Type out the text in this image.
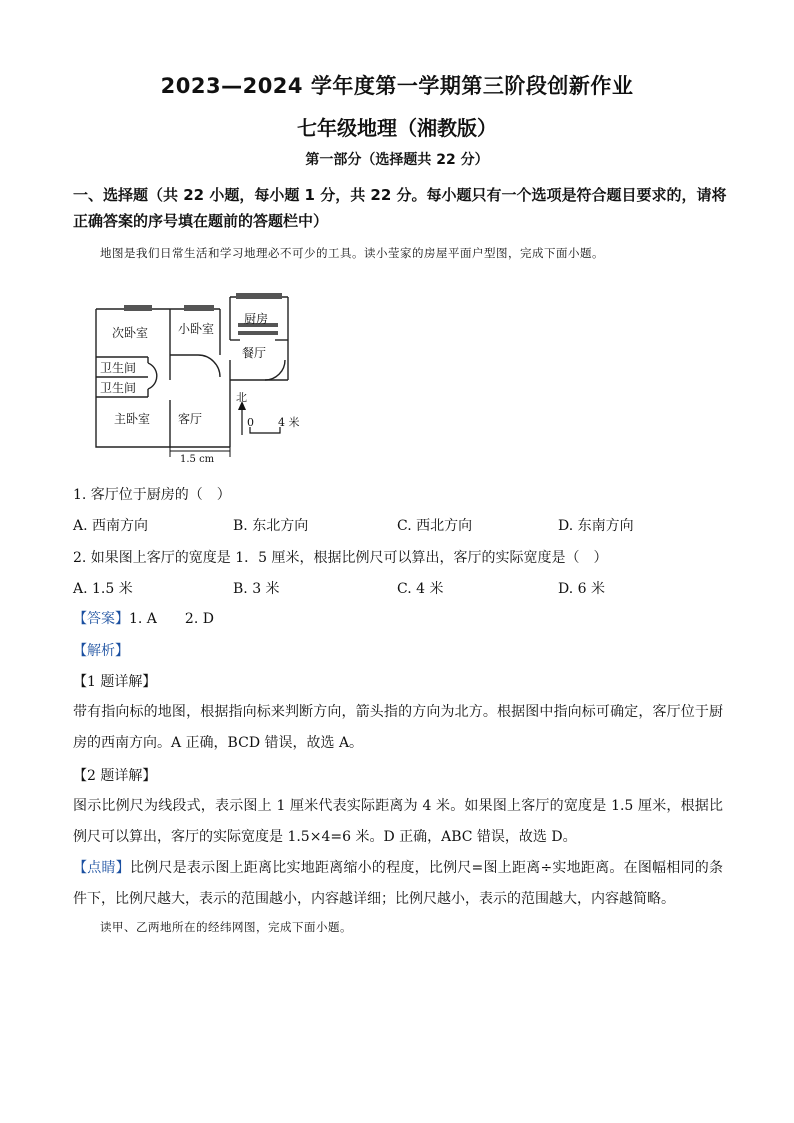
2023—2024 学年度第一学期第三阶段创新作业
七年级地理（湘教版）
第一部分（选择题共 22 分）
一、选择题（共 22 小题，每小题 1 分，共 22 分。每小题只有一个选项是符合题目要求的，请将正确答案的序号填在题前的答题栏中）
地图是我们日常生活和学习地理必不可少的工具。读小莹家的房屋平面户型图，完成下面小题。
次卧室 小卧室
厨房
餐厅
卫生间
卫生间
主卧室 客厅
北
0 4 米
1.5 cm
1. 客厅位于厨房的（　）
A. 西南方向	B. 东北方向	C. 西北方向	D. 东南方向
2. 如果图上客厅的宽度是 1．5 厘米，根据比例尺可以算出，客厅的实际宽度是（　）
A. 1.5 米	B. 3 米	C. 4 米	D. 6 米
【答案】1. A　　2. D
【解析】
【1 题详解】
带有指向标的地图，根据指向标来判断方向，箭头指的方向为北方。根据图中指向标可确定，客厅位于厨房的西南方向。A 正确，BCD 错误，故选 A。
【2 题详解】
图示比例尺为线段式，表示图上 1 厘米代表实际距离为 4 米。如果图上客厅的宽度是 1.5 厘米，根据比例尺可以算出，客厅的实际宽度是 1.5×4=6 米。D 正确，ABC 错误，故选 D。
【点睛】比例尺是表示图上距离比实地距离缩小的程度，比例尺=图上距离÷实地距离。在图幅相同的条件下，比例尺越大，表示的范围越小，内容越详细；比例尺越小，表示的范围越大，内容越简略。
读甲、乙两地所在的经纬网图，完成下面小题。
